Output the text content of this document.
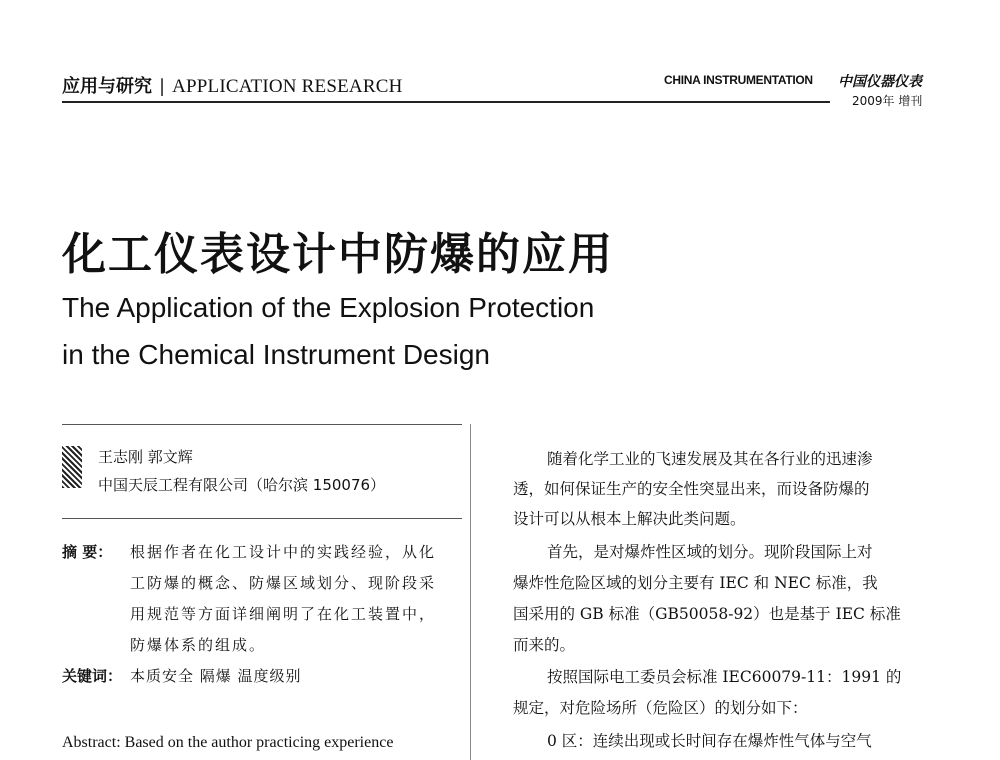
应用与研究 | APPLICATION RESEARCH	CHINA INSTRUMENTATION 中国仪器仪表
2009年 增刊
化工仪表设计中防爆的应用
The Application of the Explosion Protection
in the Chemical Instrument Design
王志刚 郭文辉
中国天辰工程有限公司（哈尔滨 150076）
摘 要： 根据作者在化工设计中的实践经验，从化
工防爆的概念、防爆区域划分、现阶段采
用规范等方面详细阐明了在化工装置中，
防爆体系的组成。
关键词： 本质安全 隔爆 温度级别
Abstract: Based on the author practicing experience
随着化学工业的飞速发展及其在各行业的迅速渗
透，如何保证生产的安全性突显出来，而设备防爆的
设计可以从根本上解决此类问题。
首先，是对爆炸性区域的划分。现阶段国际上对
爆炸性危险区域的划分主要有 IEC 和 NEC 标准，我
国采用的 GB 标准（GB50058-92）也是基于 IEC 标准
而来的。
按照国际电工委员会标准 IEC60079-11：1991 的
规定，对危险场所（危险区）的划分如下：
0 区：连续出现或长时间存在爆炸性气体与空气
